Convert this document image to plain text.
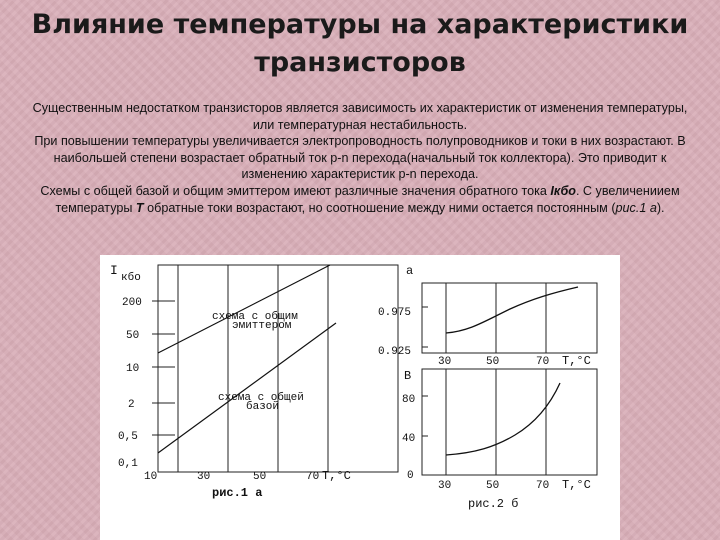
Влияние температуры на характеристики
транзисторов

Существенным недостатком транзисторов является зависимость их характеристик от изменения температуры, или температурная нестабильность.

При повышении температуры увеличивается электропроводность полупроводников и токи в них возрастают. В наибольшей степени возрастает обратный ток p-n перехода(начальный ток коллектора). Это приводит к изменению характеристик p-n перехода.

Схемы с общей базой и общим эмиттером имеют различные значения обратного тока Iкбо. С увеличениием температуры T обратные токи возрастают, но соотношение между ними остается постоянным (рис.1 а).

I кбо
200
50
10
2
0,5
0,1
10	30	50	70 T,°C
схема с общим
эмиттером
схема с общей
базой
рис.1 а
a
0.975
0.925
30	50	70 T,°C
B
80
40
0
30	50	70 T,°C
рис.2 б
